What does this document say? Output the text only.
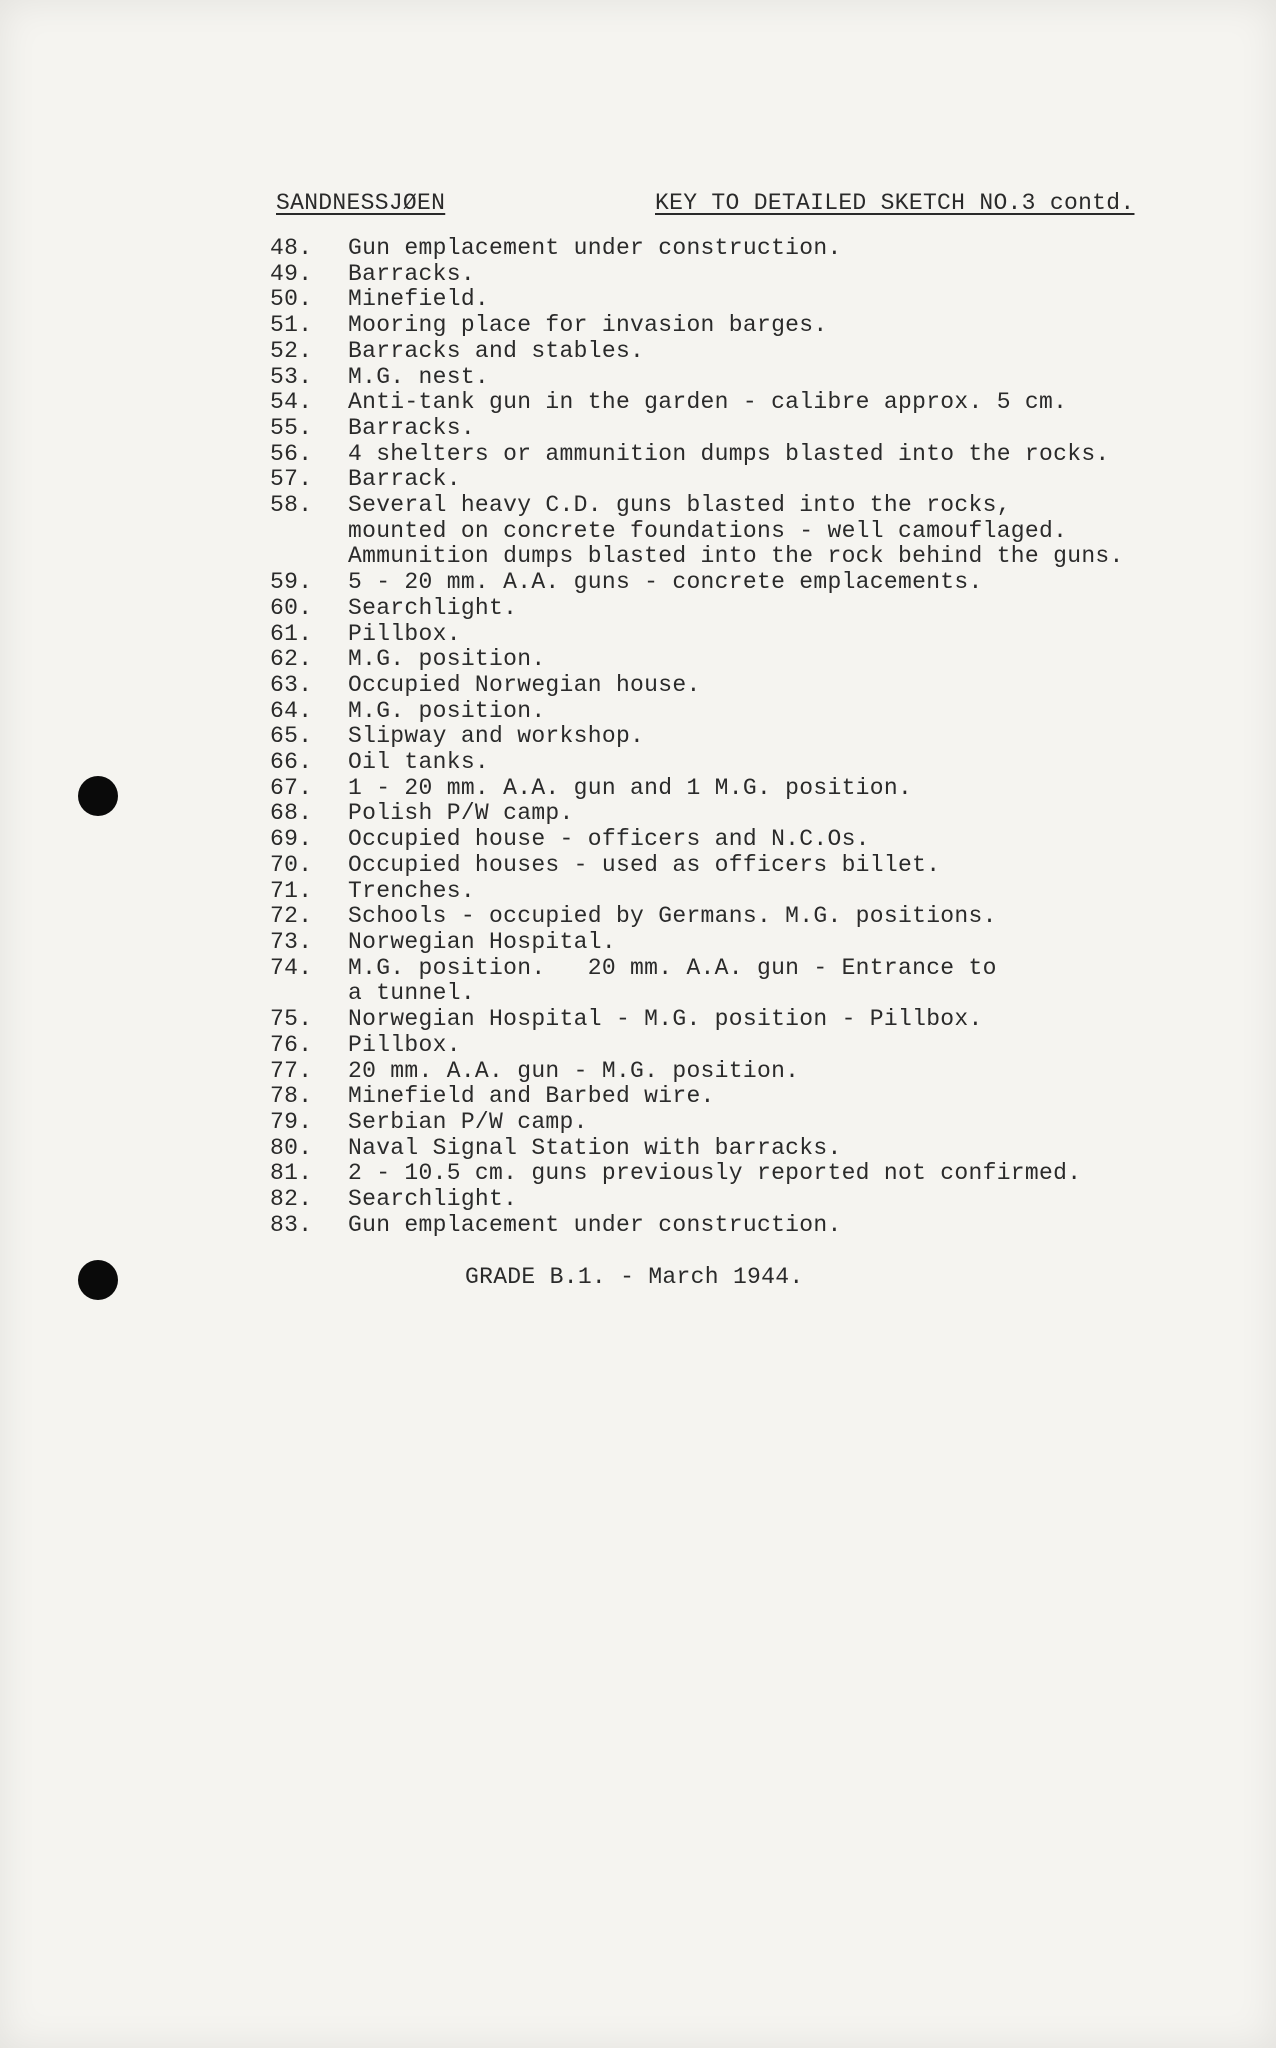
SANDNESSJØEN	KEY TO DETAILED SKETCH NO.3 contd.
48.	Gun emplacement under construction.
49.	Barracks.
50.	Minefield.
51.	Mooring place for invasion barges.
52.	Barracks and stables.
53.	M.G. nest.
54.	Anti-tank gun in the garden - calibre approx. 5 cm.
55.	Barracks.
56.	4 shelters or ammunition dumps blasted into the rocks.
57.	Barrack.
58.	Several heavy C.D. guns blasted into the rocks,
mounted on concrete foundations - well camouflaged.
Ammunition dumps blasted into the rock behind the guns.
59.	5 - 20 mm. A.A. guns - concrete emplacements.
60.	Searchlight.
61.	Pillbox.
62.	M.G. position.
63.	Occupied Norwegian house.
64.	M.G. position.
65.	Slipway and workshop.
66.	Oil tanks.
67.	1 - 20 mm. A.A. gun and 1 M.G. position.
68.	Polish P/W camp.
69.	Occupied house - officers and N.C.Os.
70.	Occupied houses - used as officers billet.
71.	Trenches.
72.	Schools - occupied by Germans. M.G. positions.
73.	Norwegian Hospital.
74.	M.G. position.   20 mm. A.A. gun - Entrance to
a tunnel.
75.	Norwegian Hospital - M.G. position - Pillbox.
76.	Pillbox.
77.	20 mm. A.A. gun - M.G. position.
78.	Minefield and Barbed wire.
79.	Serbian P/W camp.
80.	Naval Signal Station with barracks.
81.	2 - 10.5 cm. guns previously reported not confirmed.
82.	Searchlight.
83.	Gun emplacement under construction.
GRADE B.1. - March 1944.
